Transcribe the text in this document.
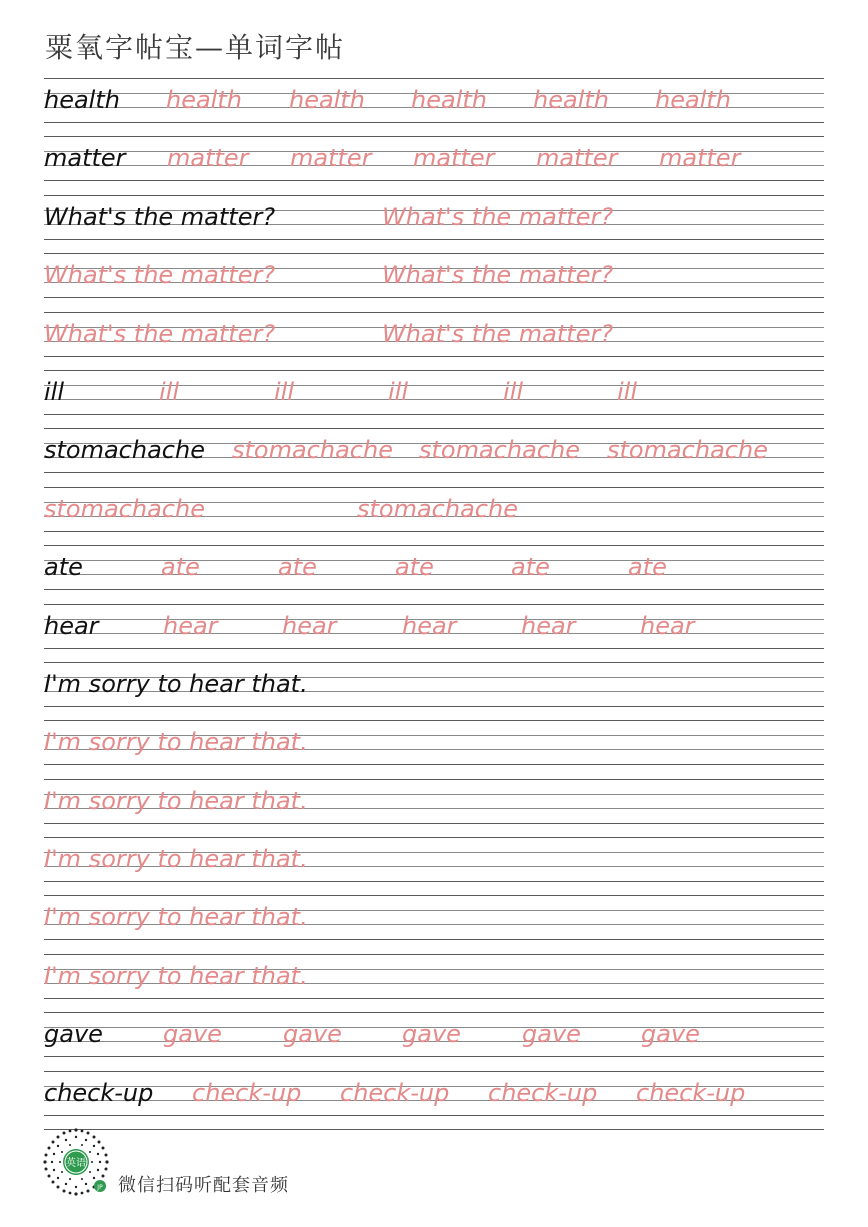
粟氧字帖宝—单词字帖
health health health health health health
matter matter matter matter matter matter
What's the matter?	What's the matter?
What's the matter?	What's the matter?
What's the matter?	What's the matter?
ill	ill	ill	ill	ill	ill
stomachache stomachache stomachache stomachache
stomachache	stomachache
ate	ate	ate	ate	ate	ate
hear	hear	hear	hear	hear	hear
I'm sorry to hear that.
I'm sorry to hear that.
I'm sorry to hear that.
I'm sorry to hear that.
I'm sorry to hear that.
I'm sorry to hear that.
gave	gave	gave	gave	gave	gave
check-up check-up check-up check-up check-up
英语
JP 微信扫码听配套音频
